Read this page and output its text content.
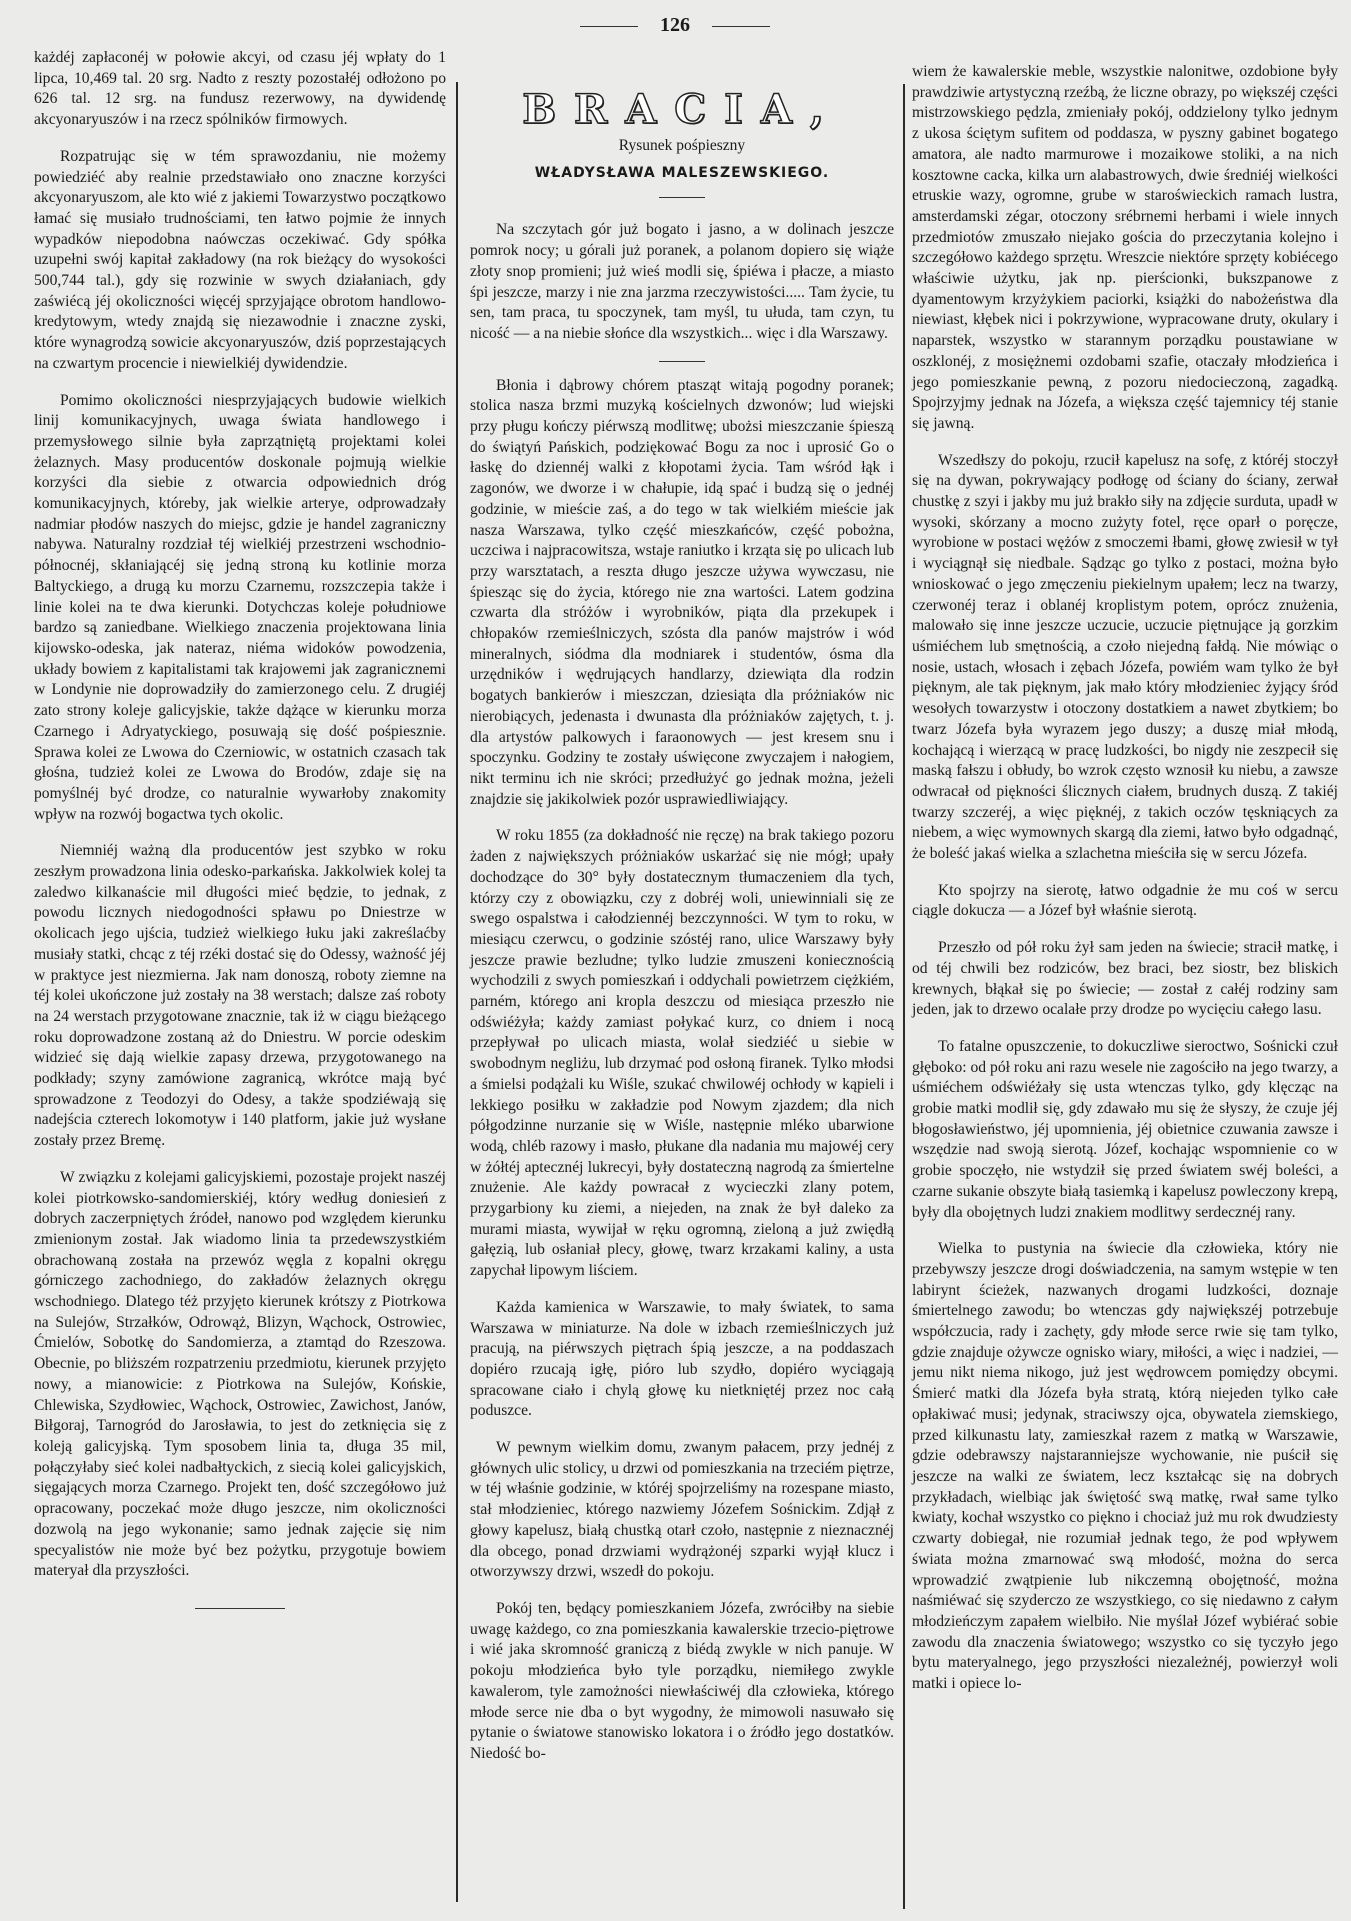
126

każdéj zapłaconéj w połowie akcyi, od czasu jéj wpłaty do 1 lipca, 10,469 tal. 20 srg. Nadto z reszty pozostałéj odłożono po 626 tal. 12 srg. na fundusz rezerwowy, na dywidendę akcyonaryuszów i na rzecz spólników firmowych.

Rozpatrując się w tém sprawozdaniu, nie możemy powiedziéć aby realnie przedstawiało ono znaczne korzyści akcyonaryuszom, ale kto wié z jakiemi Towarzystwo początkowo łamać się musiało trudnościami, ten łatwo pojmie że innych wypadków niepodobna naówczas oczekiwać. Gdy spółka uzupełni swój kapitał zakładowy (na rok bieżący do wysokości 500,744 tal.), gdy się rozwinie w swych działaniach, gdy zaświécą jéj okoliczności więcéj sprzyjające obrotom handlowo-kredytowym, wtedy znajdą się niezawodnie i znaczne zyski, które wynagrodzą sowicie akcyonaryuszów, dziś poprzestających na czwartym procencie i niewielkiéj dywidendzie.

Pomimo okoliczności niesprzyjających budowie wielkich linij komunikacyjnych, uwaga świata handlowego i przemysłowego silnie była zaprzątniętą projektami kolei żelaznych. Masy producentów doskonale pojmują wielkie korzyści dla siebie z otwarcia odpowiednich dróg komunikacyjnych, któreby, jak wielkie arterye, odprowadzały nadmiar płodów naszych do miejsc, gdzie je handel zagraniczny nabywa. Naturalny rozdział téj wielkiéj przestrzeni wschodnio-północnéj, skłaniającéj się jedną stroną ku kotlinie morza Baltyckiego, a drugą ku morzu Czarnemu, rozszczepia także i linie kolei na te dwa kierunki. Dotychczas koleje południowe bardzo są zaniedbane. Wielkiego znaczenia projektowana linia kijowsko-odeska, jak nateraz, niéma widoków powodzenia, układy bowiem z kapitalistami tak krajowemi jak zagranicznemi w Londynie nie doprowadziły do zamierzonego celu. Z drugiéj zato strony koleje galicyjskie, także dążące w kierunku morza Czarnego i Adryatyckiego, posuwają się dość pośpiesznie. Sprawa kolei ze Lwowa do Czerniowic, w ostatnich czasach tak głośna, tudzież kolei ze Lwowa do Brodów, zdaje się na pomyślnéj być drodze, co naturalnie wywarłoby znakomity wpływ na rozwój bogactwa tych okolic.

Niemniéj ważną dla producentów jest szybko w roku zeszłym prowadzona linia odesko-parkańska. Jakkolwiek kolej ta zaledwo kilkanaście mil długości mieć będzie, to jednak, z powodu licznych niedogodności spławu po Dniestrze w okolicach jego ujścia, tudzież wielkiego łuku jaki zakreślaćby musiały statki, chcąc z téj rzéki dostać się do Odessy, ważność jéj w praktyce jest niezmierna. Jak nam donoszą, roboty ziemne na téj kolei ukończone już zostały na 38 werstach; dalsze zaś roboty na 24 werstach przygotowane znacznie, tak iż w ciągu bieżącego roku doprowadzone zostaną aż do Dniestru. W porcie odeskim widzieć się dają wielkie zapasy drzewa, przygotowanego na podkłady; szyny zamówione zagranicą, wkrótce mają być sprowadzone z Teodozyi do Odesy, a także spodziéwają się nadejścia czterech lokomotyw i 140 platform, jakie już wysłane zostały przez Bremę.

W związku z kolejami galicyjskiemi, pozostaje projekt naszéj kolei piotrkowsko-sandomierskiéj, który według doniesień z dobrych zaczerpniętych źródeł, nanowo pod względem kierunku zmienionym został. Jak wiadomo linia ta przedewszystkiém obrachowaną została na przewóz węgla z kopalni okręgu górniczego zachodniego, do zakładów żelaznych okręgu wschodniego. Dlatego téż przyjęto kierunek krótszy z Piotrkowa na Sulejów, Strzałków, Odrowąż, Blizyn, Wąchock, Ostrowiec, Ćmielów, Sobotkę do Sandomierza, a ztamtąd do Rzeszowa. Obecnie, po bliższém rozpatrzeniu przedmiotu, kierunek przyjęto nowy, a mianowicie: z Piotrkowa na Sulejów, Końskie, Chlewiska, Szydłowiec, Wąchock, Ostrowiec, Zawichost, Janów, Biłgoraj, Tarnogród do Jarosławia, to jest do zetknięcia się z koleją galicyjską. Tym sposobem linia ta, długa 35 mil, połączyłaby sieć kolei nadbałtyckich, z siecią kolei galicyjskich, sięgających morza Czarnego. Projekt ten, dość szczegółowo już opracowany, poczekać może długo jeszcze, nim okoliczności dozwolą na jego wykonanie; samo jednak zajęcie się nim specyalistów nie może być bez pożytku, przygotuje bowiem materyał dla przyszłości.

BRACIA,
Rysunek pośpieszny
WŁADYSŁAWA MALESZEWSKIEGO.

Na szczytach gór już bogato i jasno, a w dolinach jeszcze pomrok nocy; u górali już poranek, a polanom dopiero się wiąże złoty snop promieni; już wieś modli się, śpiéwa i płacze, a miasto śpi jeszcze, marzy i nie zna jarzma rzeczywistości..... Tam życie, tu sen, tam praca, tu spoczynek, tam myśl, tu ułuda, tam czyn, tu nicość — a na niebie słońce dla wszystkich... więc i dla Warszawy.

Błonia i dąbrowy chórem ptasząt witają pogodny poranek; stolica nasza brzmi muzyką kościelnych dzwonów; lud wiejski przy pługu kończy piérwszą modlitwę; ubożsi mieszczanie śpieszą do świątyń Pańskich, podziękować Bogu za noc i uprosić Go o łaskę do dziennéj walki z kłopotami życia. Tam wśród łąk i zagonów, we dworze i w chałupie, idą spać i budzą się o jednéj godzinie, w mieście zaś, a do tego w tak wielkiém mieście jak nasza Warszawa, tylko część mieszkańców, część pobożna, uczciwa i najpracowitsza, wstaje raniutko i krząta się po ulicach lub przy warsztatach, a reszta długo jeszcze używa wywczasu, nie śpiesząc się do życia, którego nie zna wartości. Latem godzina czwarta dla stróżów i wyrobników, piąta dla przekupek i chłopaków rzemieślniczych, szósta dla panów majstrów i wód mineralnych, siódma dla modniarek i studentów, ósma dla urzędników i wędrujących handlarzy, dziewiąta dla rodzin bogatych bankierów i mieszczan, dziesiąta dla próżniaków nic nierobiących, jedenasta i dwunasta dla próżniaków zajętych, t. j. dla artystów palkowych i faraonowych — jest kresem snu i spoczynku. Godziny te zostały uświęcone zwyczajem i nałogiem, nikt terminu ich nie skróci; przedłużyć go jednak można, jeżeli znajdzie się jakikolwiek pozór usprawiedliwiający.

W roku 1855 (za dokładność nie ręczę) na brak takiego pozoru żaden z największych próżniaków uskarżać się nie mógł; upały dochodzące do 30° były dostatecznym tłumaczeniem dla tych, którzy czy z obowiązku, czy z dobréj woli, uniewinniali się ze swego ospalstwa i całodziennéj bezczynności. W tym to roku, w miesiącu czerwcu, o godzinie szóstéj rano, ulice Warszawy były jeszcze prawie bezludne; tylko ludzie zmuszeni koniecznością wychodzili z swych pomieszkań i oddychali powietrzem ciężkiém, parném, którego ani kropla deszczu od miesiąca przeszło nie odświéżyła; każdy zamiast połykać kurz, co dniem i nocą przepływał po ulicach miasta, wolał siedziéć u siebie w swobodnym negliżu, lub drzymać pod osłoną firanek. Tylko młodsi a śmielsi podążali ku Wiśle, szukać chwilowéj ochłody w kąpieli i lekkiego posiłku w zakładzie pod Nowym zjazdem; dla nich półgodzinne nurzanie się w Wiśle, następnie mléko ubarwione wodą, chléb razowy i masło, płukane dla nadania mu majowéj cery w żółtéj aptecznéj lukrecyi, były dostateczną nagrodą za śmiertelne znużenie. Ale każdy powracał z wycieczki zlany potem, przygarbiony ku ziemi, a niejeden, na znak że był daleko za murami miasta, wywijał w ręku ogromną, zieloną a już zwiędłą gałęzią, lub osłaniał plecy, głowę, twarz krzakami kaliny, a usta zapychał lipowym liściem.

Każda kamienica w Warszawie, to mały światek, to sama Warszawa w miniaturze. Na dole w izbach rzemieślniczych już pracują, na piérwszych piętrach śpią jeszcze, a na poddaszach dopiéro rzucają igłę, pióro lub szydło, dopiéro wyciągają spracowane ciało i chylą głowę ku nietkniętéj przez noc całą poduszce.

W pewnym wielkim domu, zwanym pałacem, przy jednéj z głównych ulic stolicy, u drzwi od pomieszkania na trzeciém piętrze, w téj właśnie godzinie, w któréj spojrzeliśmy na rozespane miasto, stał młodzieniec, którego nazwiemy Józefem Sośnickim. Zdjął z głowy kapelusz, białą chustką otarł czoło, następnie z nieznacznéj dla obcego, ponad drzwiami wydrążonéj szparki wyjął klucz i otworzywszy drzwi, wszedł do pokoju.

Pokój ten, będący pomieszkaniem Józefa, zwróciłby na siebie uwagę każdego, co zna pomieszkania kawalerskie trzecio-piętrowe i wié jaka skromność graniczą z biédą zwykle w nich panuje. W pokoju młodzieńca było tyle porządku, niemiłego zwykle kawalerom, tyle zamożności niewłaściwéj dla człowieka, którego młode serce nie dba o byt wygodny, że mimowoli nasuwało się pytanie o światowe stanowisko lokatora i o źródło jego dostatków. Niedość bo-

wiem że kawalerskie meble, wszystkie nalonitwe, ozdobione były prawdziwie artystyczną rzeźbą, że liczne obrazy, po większéj części mistrzowskiego pędzla, zmieniały pokój, oddzielony tylko jednym z ukosa ściętym sufitem od poddasza, w pyszny gabinet bogatego amatora, ale nadto marmurowe i mozaikowe stoliki, a na nich kosztowne cacka, kilka urn alabastrowych, dwie średniéj wielkości etruskie wazy, ogromne, grube w staroświeckich ramach lustra, amsterdamski zégar, otoczony srébrnemi herbami i wiele innych przedmiotów zmuszało niejako gościa do przeczytania kolejno i szczegółowo każdego sprzętu. Wreszcie niektóre sprzęty kobiécego właściwie użytku, jak np. pierścionki, bukszpanowe z dyamentowym krzyżykiem paciorki, książki do nabożeństwa dla niewiast, kłębek nici i pokrzywione, wypracowane druty, okulary i naparstek, wszystko w starannym porządku poustawiane w oszklonéj, z mosiężnemi ozdobami szafie, otaczały młodzieńca i jego pomieszkanie pewną, z pozoru niedocieczoną, zagadką. Spojrzyjmy jednak na Józefa, a większa część tajemnicy téj stanie się jawną.

Wszedłszy do pokoju, rzucił kapelusz na sofę, z któréj stoczył się na dywan, pokrywający podłogę od ściany do ściany, zerwał chustkę z szyi i jakby mu już brakło siły na zdjęcie surduta, upadł w wysoki, skórzany a mocno zużyty fotel, ręce oparł o poręcze, wyrobione w postaci wężów z smoczemi łbami, głowę zwiesił w tył i wyciągnął się niedbale. Sądząc go tylko z postaci, można było wnioskować o jego zmęczeniu piekielnym upałem; lecz na twarzy, czerwonéj teraz i oblanéj kroplistym potem, oprócz znużenia, malowało się inne jeszcze uczucie, uczucie piętnujące ją gorzkim uśmiéchem lub smętnością, a czoło niejedną fałdą. Nie mówiąc o nosie, ustach, włosach i zębach Józefa, powiém wam tylko że był pięknym, ale tak pięknym, jak mało który młodzieniec żyjący śród wesołych towarzystw i otoczony dostatkiem a nawet zbytkiem; bo twarz Józefa była wyrazem jego duszy; a duszę miał młodą, kochającą i wierzącą w pracę ludzkości, bo nigdy nie zeszpecił się maską fałszu i obłudy, bo wzrok często wznosił ku niebu, a zawsze odwracał od piękności ślicznych ciałem, brudnych duszą. Z takiéj twarzy szczeréj, a więc pięknéj, z takich oczów tęskniących za niebem, a więc wymownych skargą dla ziemi, łatwo było odgadnąć, że boleść jakaś wielka a szlachetna mieściła się w sercu Józefa.

Kto spojrzy na sierotę, łatwo odgadnie że mu coś w sercu ciągle dokucza — a Józef był właśnie sierotą.

Przeszło od pół roku żył sam jeden na świecie; stracił matkę, i od téj chwili bez rodziców, bez braci, bez siostr, bez bliskich krewnych, błąkał się po świecie; — został z całéj rodziny sam jeden, jak to drzewo ocalałe przy drodze po wycięciu całego lasu.

To fatalne opuszczenie, to dokuczliwe sieroctwo, Sośnicki czuł głęboko: od pół roku ani razu wesele nie zagościło na jego twarzy, a uśmiéchem odświéżały się usta wtenczas tylko, gdy klęcząc na grobie matki modlił się, gdy zdawało mu się że słyszy, że czuje jéj błogosławieństwo, jéj upomnienia, jéj obietnice czuwania zawsze i wszędzie nad swoją sierotą. Józef, kochając wspomnienie co w grobie spoczęło, nie wstydził się przed światem swéj boleści, a czarne sukanie obszyte białą tasiemką i kapelusz powleczony krepą, były dla obojętnych ludzi znakiem modlitwy serdecznéj rany.

Wielka to pustynia na świecie dla człowieka, który nie przebywszy jeszcze drogi doświadczenia, na samym wstępie w ten labirynt ścieżek, nazwanych drogami ludzkości, doznaje śmiertelnego zawodu; bo wtenczas gdy największéj potrzebuje współczucia, rady i zachęty, gdy młode serce rwie się tam tylko, gdzie znajduje ożywcze ognisko wiary, miłości, a więc i nadziei, — jemu nikt niema nikogo, już jest wędrowcem pomiędzy obcymi. Śmierć matki dla Józefa była stratą, którą niejeden tylko całe opłakiwać musi; jedynak, straciwszy ojca, obywatela ziemskiego, przed kilkunastu laty, zamieszkał razem z matką w Warszawie, gdzie odebrawszy najstaranniejsze wychowanie, nie puścił się jeszcze na walki ze światem, lecz kształcąc się na dobrych przykładach, wielbiąc jak świętość swą matkę, rwał same tylko kwiaty, kochał wszystko co piękno i chociaż już mu rok dwudziesty czwarty dobiegał, nie rozumiał jednak tego, że pod wpływem świata można zmarnować swą młodość, można do serca wprowadzić zwątpienie lub nikczemną obojętność, można naśmiéwać się szyderczo ze wszystkiego, co się niedawno z całym młodzieńczym zapałem wielbiło. Nie myślał Józef wybiérać sobie zawodu dla znaczenia światowego; wszystko co się tyczyło jego bytu materyalnego, jego przyszłości niezależnéj, powierzył woli matki i opiece lo-
